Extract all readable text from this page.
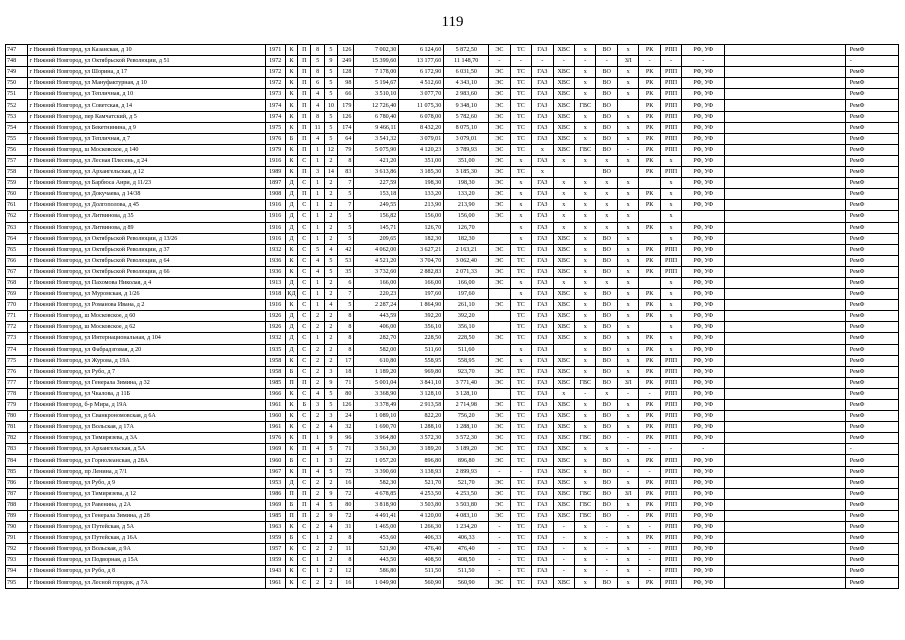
119
747	г Нижний Новгород, ул Казанская, д 10	1971	К	П	8	5	126	7 002,30	6 124,60	5 872,50	ЭС	ТС	ГАЗ	ХВС	х	ВО	х	РК	РПП	РФ, УФ		РемФ
748	г Нижний Новгород, ул Октябрьской Революции, д 51	1972	К	П	5	9	249	15 399,60	13 177,60	11 148,70	-	-	-	-	-	-	ЗЛ	-	-	-		-
749	г Нижний Новгород, ул Шорина, д 17	1972	К	П	8	5	128	7 178,00	6 172,90	6 031,50	ЭС	ТС	ГАЗ	ХВС	х	ВО	х	РК	РПП	РФ, УФ		РемФ
750	г Нижний Новгород, ул Мануфактурная, д 10	1972	К	П	6	5	98	5 194,67	4 512,60	4 343,10	ЭС	ТС	ГАЗ	ХВС	х	ВО	х	РК	РПП	РФ, УФ		РемФ
751	г Нижний Новгород, ул Тепличная, д 10	1973	К	П	4	5	66	3 510,10	3 077,70	2 983,60	ЭС	ТС	ГАЗ	ХВС	х	ВО	х	РК	РПП	РФ, УФ		РемФ
752	г Нижний Новгород, ул Советская, д 14	1974	К	П	4	10	179	12 726,40	11 075,30	9 348,10	ЭС	ТС	ГАЗ	ХВС	ГВС	ВО		РК	РПП	РФ, УФ		РемФ
753	г Нижний Новгород, пер Камчатский, д 5	1974	К	П	8	5	126	6 780,40	6 078,00	5 782,60	ЭС	ТС	ГАЗ	ХВС	х	ВО	х	РК	РПП	РФ, УФ		РемФ
754	г Нижний Новгород, ул Бекетнинина, д 9	1975	К	П	11	5	174	9 466,11	8 432,20	8 075,10	ЭС	ТС	ГАЗ	ХВС	х	ВО	х	РК	РПП	РФ, УФ		РемФ
755	г Нижний Новгород, ул Тепличная, д 7	1976	Б	П	4	5	64	3 541,32	3 079,01	3 079,01	ЭС	ТС	ГАЗ	ХВС	х	ВО	х	РК	РПП	РФ, УФ		РемФ
756	г Нижний Новгород, ш Московское, д 140	1979	К	П	1	12	79	5 075,90	4 120,23	3 789,93	ЭС	ТС	х	ХВС	ГВС	ВО	-	РК	РПП	РФ, УФ		РемФ
757	г Нижний Новгород, ул Лесная Плесень, д 24	1916	К	С	1	2	8	421,20	351,00	351,00	ЭС	х	ГАЗ	х	х	х	х	РК	х	РФ, УФ		РемФ
758	г Нижний Новгород, ул Архангельская, д 12	1989	К	П	3	14	83	3 613,86	3 185,30	3 185,30	ЭС	ТС	х			ВО		РК	РПП	РФ, УФ		РемФ
759	г Нижний Новгород, ул Барбюса Анри, д 11/23	1897	Д	С	1	2	7	227,59	198,30	198,30	ЭС	х	ГАЗ	х	х	х	х		х	РФ, УФ		РемФ
760	г Нижний Новгород, ул Докучаева, д 14/38	1908	Д	П	1	2	5	153,18	133,20	133,20	ЭС	х	ГАЗ	х	х	х	х	РК	х	РФ, УФ		РемФ
761	г Нижний Новгород, ул Долгополова, д 45	1916	Д	С	1	2	7	249,55	213,90	213,90	ЭС	х	ГАЗ	х	х	х	х	РК	х	РФ, УФ		РемФ
762	г Нижний Новгород, ул Литвинова, д 35	1916	Д	С	1	2	5	156,82	156,00	156,00	ЭС	х	ГАЗ	х	х	х	х		х			РемФ
763	г Нижний Новгород, ул Литвинова, д 89	1916	Д	С	1	2	5	145,71	126,70	126,70		х	ГАЗ	х	х	х	х	РК	х	РФ, УФ		РемФ
764	г Нижний Новгород, ул Октябрьской Революции, д 13/26	1916	Д	С	1	2	5	209,65	182,30	182,30		х	ГАЗ	ХВС	х	ВО	х		х	РФ, УФ		РемФ
765	г Нижний Новгород, ул Октябрьской Революции, д 37	1932	К	С	5	4	42	4 062,00	3 627,21	2 163,21	ЭС	ТС	ГАЗ	ХВС	х	ВО	х	РК	РПП	РФ, УФ		РемФ
766	г Нижний Новгород, ул Октябрьской Революции, д 64	1936	К	С	4	5	53	4 521,20	3 704,70	3 062,40	ЭС	ТС	ГАЗ	ХВС	х	ВО	х	РК	РПП	РФ, УФ		РемФ
767	г Нижний Новгород, ул Октябрьской Революции, д 66	1936	К	С	4	5	35	3 732,60	2 882,83	2 071,33	ЭС	ТС	ГАЗ	ХВС	х	ВО	х	РК	РПП	РФ, УФ		РемФ
768	г Нижний Новгород, ул Пахомова Николая, д 4	1913	Д	С	1	2	6	166,00	166,00	166,00	ЭС	х	ГАЗ	х	х	х	х		х	РФ, УФ		РемФ
769	г Нижний Новгород, ул Муромская, д 1/26	1918	КД	С	1	2	7	220,23	197,60	197,60		х	ГАЗ	ХВС	х	ВО	х	РК	х	РФ, УФ		РемФ
770	г Нижний Новгород, ул Романова Ивана, д 2	1916	К	С	1	4	5	2 287,24	1 864,90	261,10	ЭС	ТС	ГАЗ	ХВС	х	ВО	х	РК	х	РФ, УФ		РемФ
771	г Нижний Новгород, ш Московское, д 60	1926	Д	С	2	2	8	443,59	392,20	392,20		ТС	ГАЗ	ХВС	х	ВО	х	РК	х	РФ, УФ		РемФ
772	г Нижний Новгород, ш Московское, д 62	1926	Д	С	2	2	8	406,00	356,10	356,10		ТС	ГАЗ	ХВС	х	ВО	х		х	РФ, УФ		РемФ
773	г Нижний Новгород, ул Интернациональная, д 104	1932	Д	С	1	2	8	282,70	228,50	228,50	ЭС	ТС	ГАЗ	ХВС	х	ВО	х	РК	х	РФ, УФ		РемФ
774	г Нижний Новгород, ул Фабрадзговая, д 20	1935	Д	С	2	2	8	582,00	511,60	511,60		х	ГАЗ		х	ВО	х	РК	х	РФ, УФ		РемФ
775	г Нижний Новгород, ул Журова, д 19А	1958	К	С	2	2	17	610,80	558,95	558,95	ЭС	х	ГАЗ	ХВС	х	ВО	х	РК	РПП	РФ, УФ		РемФ
776	г Нижний Новгород, ул Рубо, д 7	1958	Б	С	2	3	18	1 189,20	969,80	923,70	ЭС	ТС	ГАЗ	ХВС	х	ВО	х	РК	РПП	РФ, УФ		РемФ
777	г Нижний Новгород, ул Генерала Зимина, д 32	1985	П	П	2	9	71	5 001,04	3 841,10	3 771,40	ЭС	ТС	ГАЗ	ХВС	ГВС	ВО	ЗЛ	РК	РПП	РФ, УФ		РемФ
778	г Нижний Новгород, ул Чкалова, д 11Б	1966	К	С	4	5	80	3 368,90	3 128,10	3 128,10		ТС	ГАЗ	х	-	х	-	-	РПП	РФ, УФ		РемФ
779	г Нижний Новгород, б-р Мира, д 19А	1961	К	Б	3	5	126	3 378,49	2 913,58	2 714,98	ЭС	ТС	ГАЗ	ХВС	х	ВО	х	РК	РПП	РФ, УФ		РемФ
780	г Нижний Новгород, ул Сванкрономовская, д 6А	1960	К	С	2	3	24	1 089,10	822,20	756,20	ЭС	ТС	ГАЗ	ХВС	х	ВО	х	РК	РПП	РФ, УФ		РемФ
781	г Нижний Новгород, ул Вольская, д 17А	1961	К	С	2	4	32	1 690,70	1 288,10	1 288,10	ЭС	ТС	ГАЗ	ХВС	х	ВО	х	РК	РПП	РФ, УФ		РемФ
782	г Нижний Новгород, ул Тимирязева, д 3А	1976	К	П	1	9	96	3 964,80	3 572,30	3 572,30	ЭС	ТС	ГАЗ	ХВС	ГВС	ВО	-	РК	РПП	РФ, УФ		РемФ
783	г Нижний Новгород, ул Архангельская, д 5А	1969	К	П	4	5	71	3 561,30	3 189,20	3 189,20	ЭС	ТС	ГАЗ	ХВС	х	х	-	-	-	-		-
784	г Нижний Новгород, ул Горнолеанская, д 28А	1960	Б	С	1	3	22	1 057,20	896,80	896,80	ЭС	ТС	ГАЗ	ХВС	х	ВО	х	РК	РПП	РФ, УФ		РемФ
785	г Нижний Новгород, пр Ленина, д 7/1	1967	К	П	4	5	75	3 390,60	3 138,93	2 899,93	-	-	ГАЗ	ХВС	х	ВО	-	-	РПП	РФ, УФ		РемФ
786	г Нижний Новгород, ул Рубо, д 9	1953	Д	С	2	2	16	582,30	521,70	521,70	ЭС	ТС	ГАЗ	ХВС	х	ВО	х	РК	РПП	РФ, УФ		РемФ
787	г Нижний Новгород, ул Тимирязева, д 12	1986	П	П	2	9	72	4 678,85	4 253,50	4 253,50	ЭС	ТС	ГАЗ	ХВС	ГВС	ВО	ЗЛ	РК	РПП	РФ, УФ		РемФ
788	г Нижний Новгород, ул Равенина, д 2А	1969	Б	П	4	5	80	3 818,90	3 503,80	3 503,80	ЭС	ТС	ГАЗ	ХВС	ГВС	ВО	х	РК	РПП	РФ, УФ		РемФ
789	г Нижний Новгород, ул Генерала Зимина, д 28	1985	П	П	2	9	72	4 491,41	4 120,00	4 083,10	ЭС	ТС	ГАЗ	ХВС	ГВС	ВО	-	РК	РПП	РФ, УФ		РемФ
790	г Нижний Новгород, ул Путейская, д 5А	1963	К	С	2	4	31	1 465,00	1 266,30	1 234,20	-	ТС	ГАЗ	-	х	-	х	-	РПП	РФ, УФ		РемФ
791	г Нижний Новгород, ул Путейская, д 16А	1959	Б	С	1	2	8	453,60	406,33	406,33	-	ТС	ГАЗ	-	х	-	х	РК	РПП	РФ, УФ		РемФ
792	г Нижний Новгород, ул Вольская, д 9А	1957	К	С	2	2	11	521,90	476,40	476,40	-	ТС	ГАЗ	-	х	-	х	-	РПП	РФ, УФ		РемФ
793	г Нижний Новгород, ул Подворная, д 15А	1959	К	С	1	2	8	443,50	408,50	408,50	-	ТС	ГАЗ	-	х	-	х	-	РПП	РФ, УФ		РемФ
794	г Нижний Новгород, ул Рубо, д 8	1943	К	С	1	2	12	586,80	511,50	511,50	-	ТС	ГАЗ	-	х	-	х	-	РПП	РФ, УФ		РемФ
795	г Нижний Новгород, ул Лесной городок, д 7А	1961	К	С	2	2	16	1 049,90	560,90	560,90	ЭС	ТС	ГАЗ	ХВС	х	ВО	х	РК	РПП	РФ, УФ		РемФ
